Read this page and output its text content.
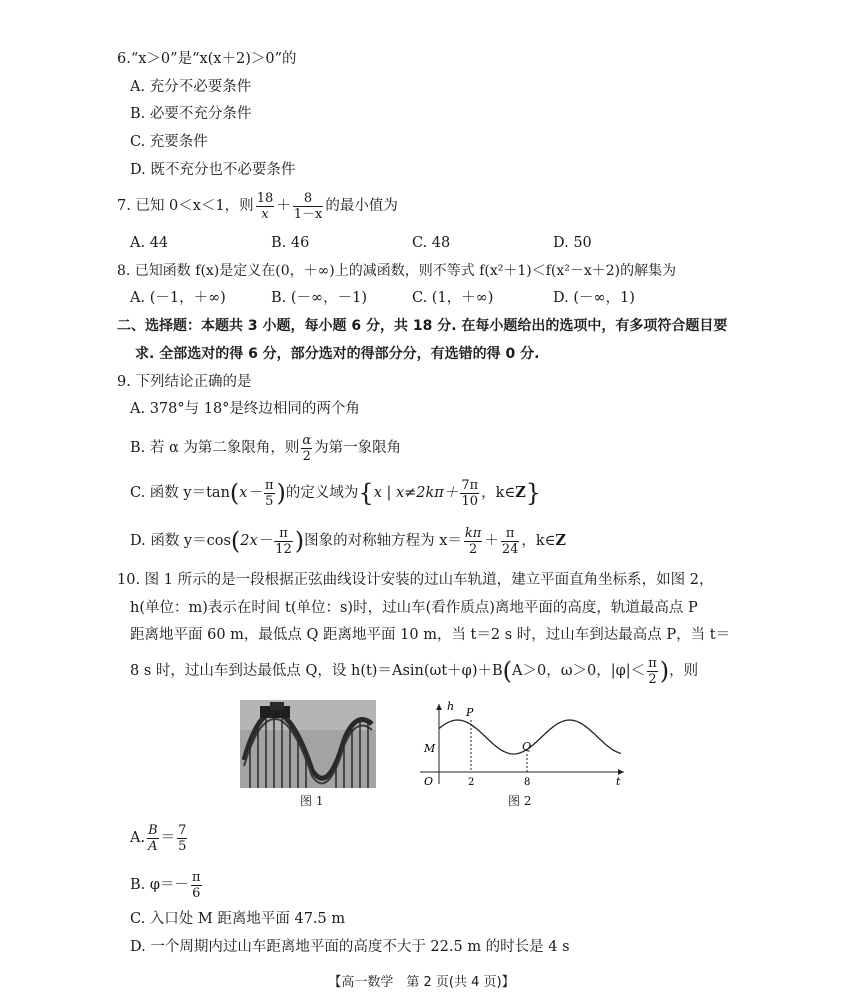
6.“x＞0”是“x(x＋2)＞0”的
A. 充分不必要条件
B. 必要不充分条件
C. 充要条件
D. 既不充分也不必要条件
7. 已知 0＜x＜1，则 $\frac{18}{x} + \frac{8}{1-x}$ 的最小值为
A. 44	B. 46	C. 48	D. 50
8. 已知函数 f(x)是定义在(0，＋∞)上的减函数，则不等式 f(x²＋1)＜f(x²－x＋2)的解集为
A. (－1，＋∞)	B. (－∞，－1)	C. (1，＋∞)	D. (－∞，1)
二、选择题：本题共 3 小题，每小题 6 分，共 18 分. 在每小题给出的选项中，有多项符合题目要
求. 全部选对的得 6 分，部分选对的得部分分，有选错的得 0 分.
9. 下列结论正确的是
A. 378°与 18°是终边相同的两个角
B. 若 α 为第二象限角，则 $\frac{\alpha}{2}$ 为第一象限角
C. 函数 $y=\tan(x- \frac{\pi}{5}$ )的定义域为{x | $x\ne 2k\pi+ \frac{7\pi}{10}$ ，k∈Z}
D. 函数 $y=\cos(2x- \frac{\pi}{12}$ )图象的对称轴方程为 $x= \frac{k\pi}{2} + \frac{\pi}{24}$ ，k∈Z
10. 图 1 所示的是一段根据正弦曲线设计安装的过山车轨道，建立平面直角坐标系，如图 2，
h(单位：m)表示在时间 t(单位：s)时，过山车(看作质点)离地平面的高度，轨道最高点 P
距离地平面 60 m，最低点 Q 距离地平面 10 m，当 t＝2 s 时，过山车到达最高点 P，当 t＝
8 s 时，过山车到达最低点 Q，设 h(t)＝Asin(ωt＋φ)＋B(A＞0，ω＞0，$|\varphi|< \frac{\pi}{2}$ )，则
图 1
h
t
O
M
P
Q
2	8
图 2
A. $\frac{B}{A} = \frac{7}{5}$
B. $\varphi=- \frac{\pi}{6}$
C. 入口处 M 距离地平面 47.5 m
D. 一个周期内过山车距离地平面的高度不大于 22.5 m 的时长是 4 s
【高一数学　第 2 页(共 4 页)】
